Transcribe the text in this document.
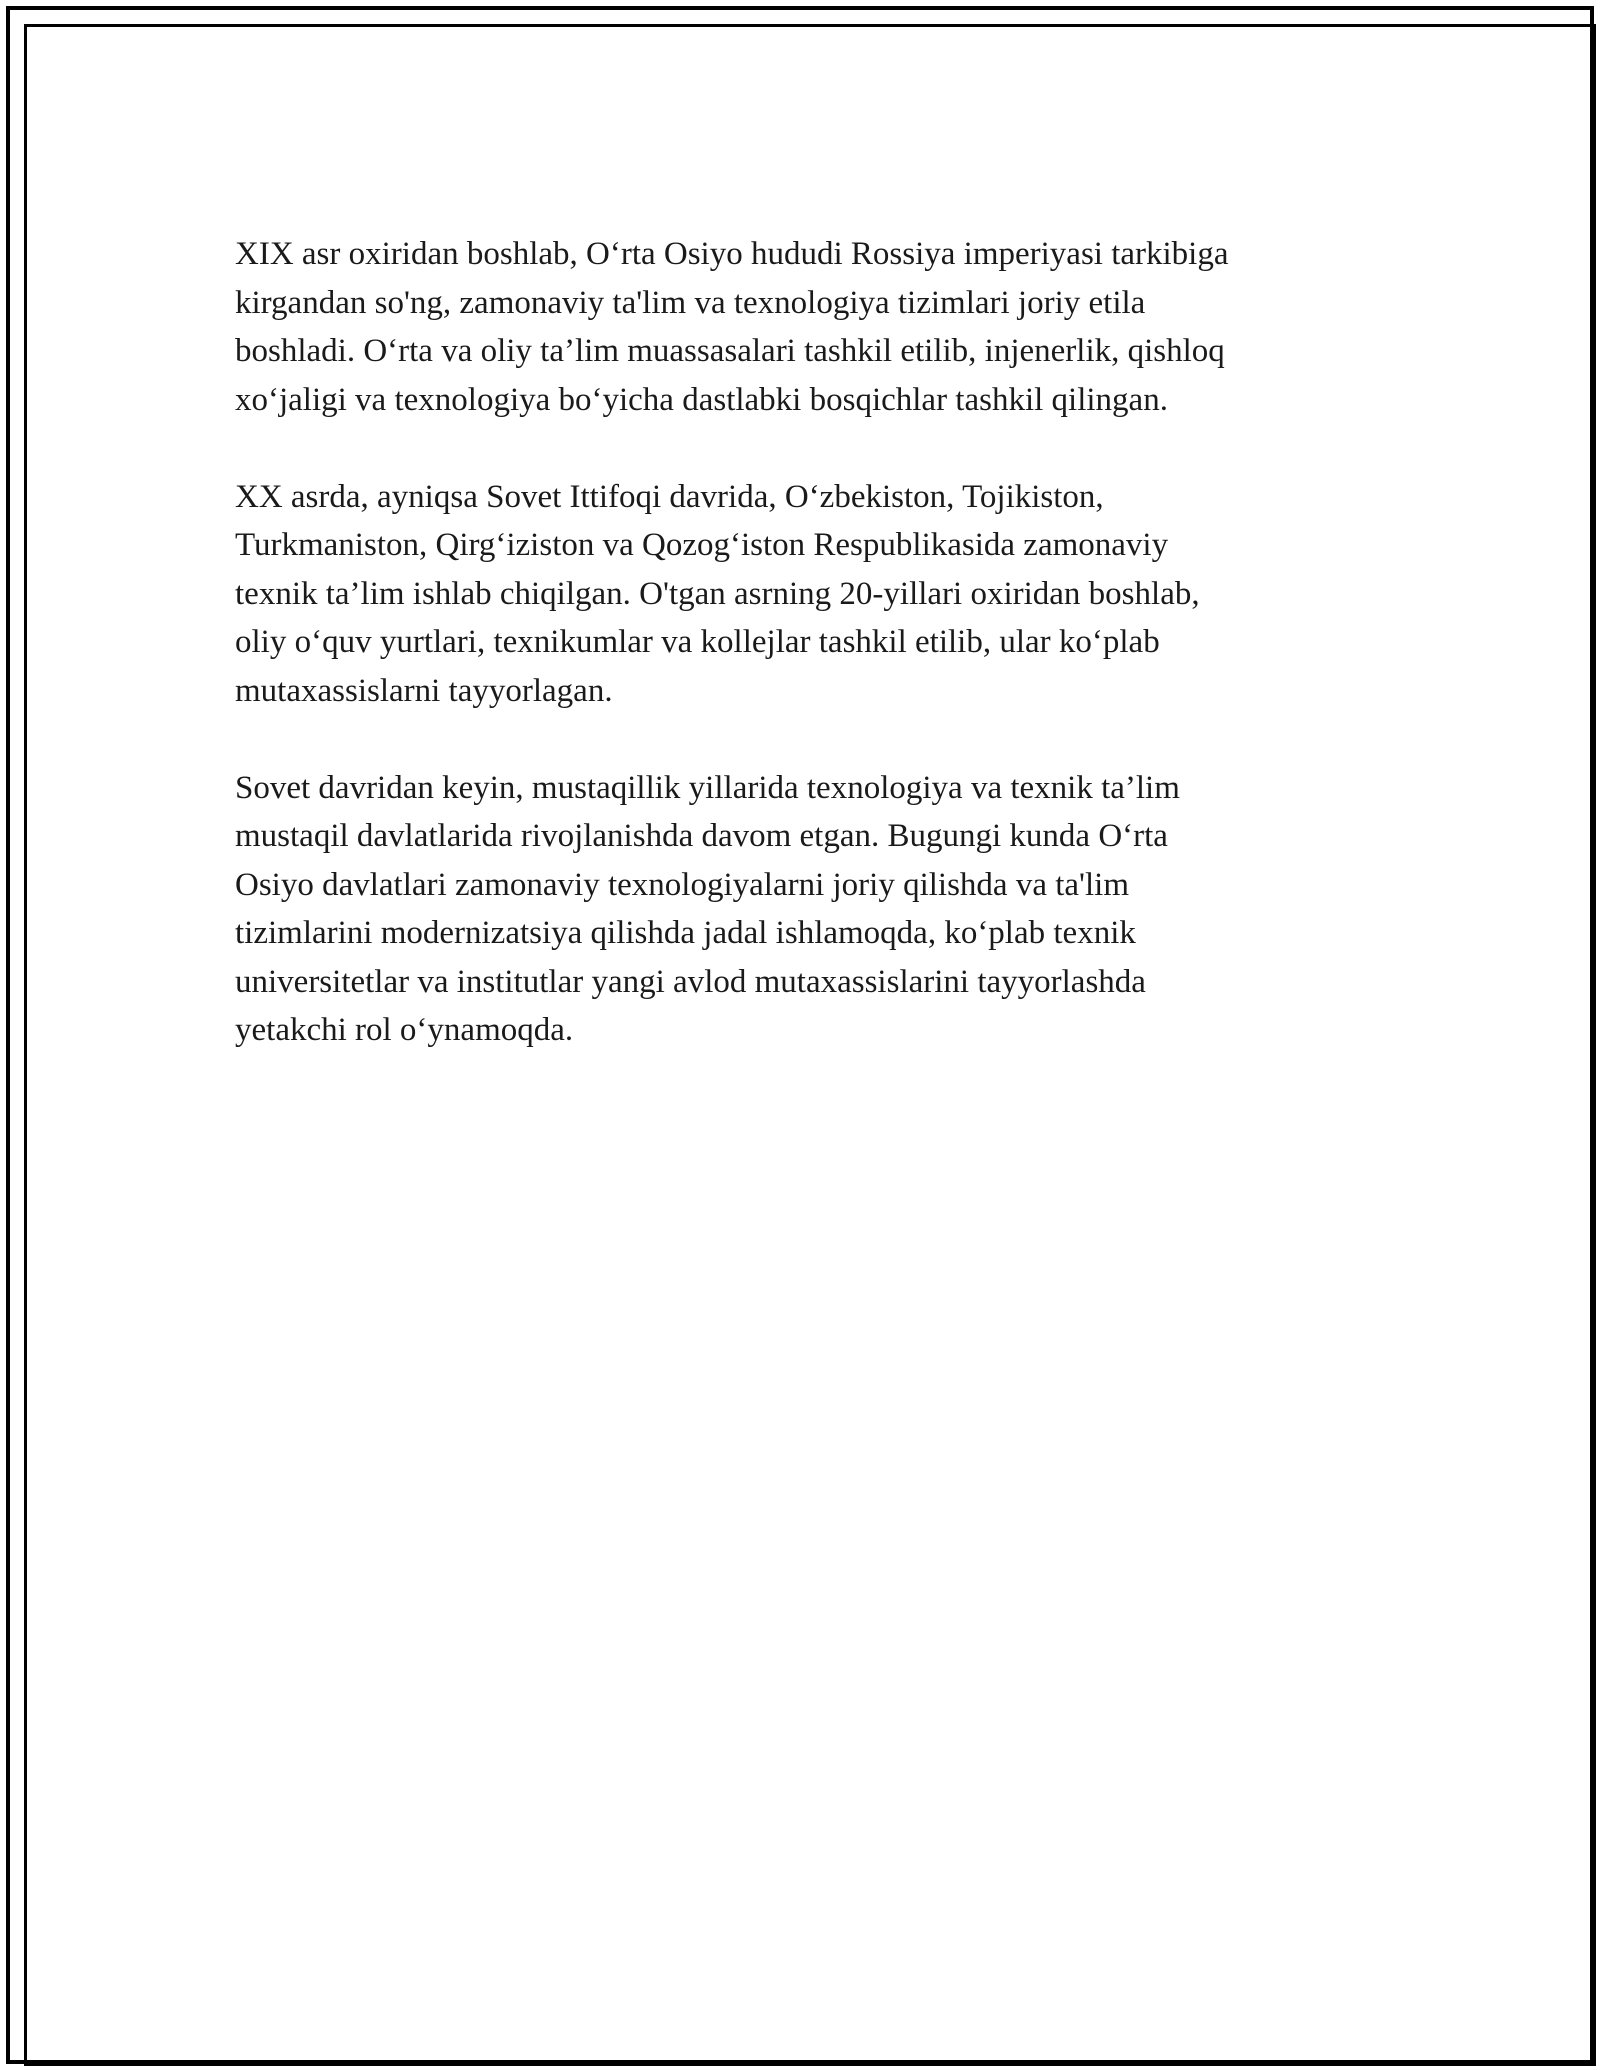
XIX asr oxiridan boshlab, O‘rta Osiyo hududi Rossiya imperiyasi tarkibiga
kirgandan so'ng, zamonaviy ta'lim va texnologiya tizimlari joriy etila
boshladi. O‘rta va oliy ta’lim muassasalari tashkil etilib, injenerlik, qishloq
xo‘jaligi va texnologiya bo‘yicha dastlabki bosqichlar tashkil qilingan.

XX asrda, ayniqsa Sovet Ittifoqi davrida, O‘zbekiston, Tojikiston,
Turkmaniston, Qirg‘iziston va Qozog‘iston Respublikasida zamonaviy
texnik ta’lim ishlab chiqilgan. O'tgan asrning 20-yillari oxiridan boshlab,
oliy o‘quv yurtlari, texnikumlar va kollejlar tashkil etilib, ular ko‘plab
mutaxassislarni tayyorlagan.

Sovet davridan keyin, mustaqillik yillarida texnologiya va texnik ta’lim
mustaqil davlatlarida rivojlanishda davom etgan. Bugungi kunda O‘rta
Osiyo davlatlari zamonaviy texnologiyalarni joriy qilishda va ta'lim
tizimlarini modernizatsiya qilishda jadal ishlamoqda, ko‘plab texnik
universitetlar va institutlar yangi avlod mutaxassislarini tayyorlashda
yetakchi rol o‘ynamoqda.
